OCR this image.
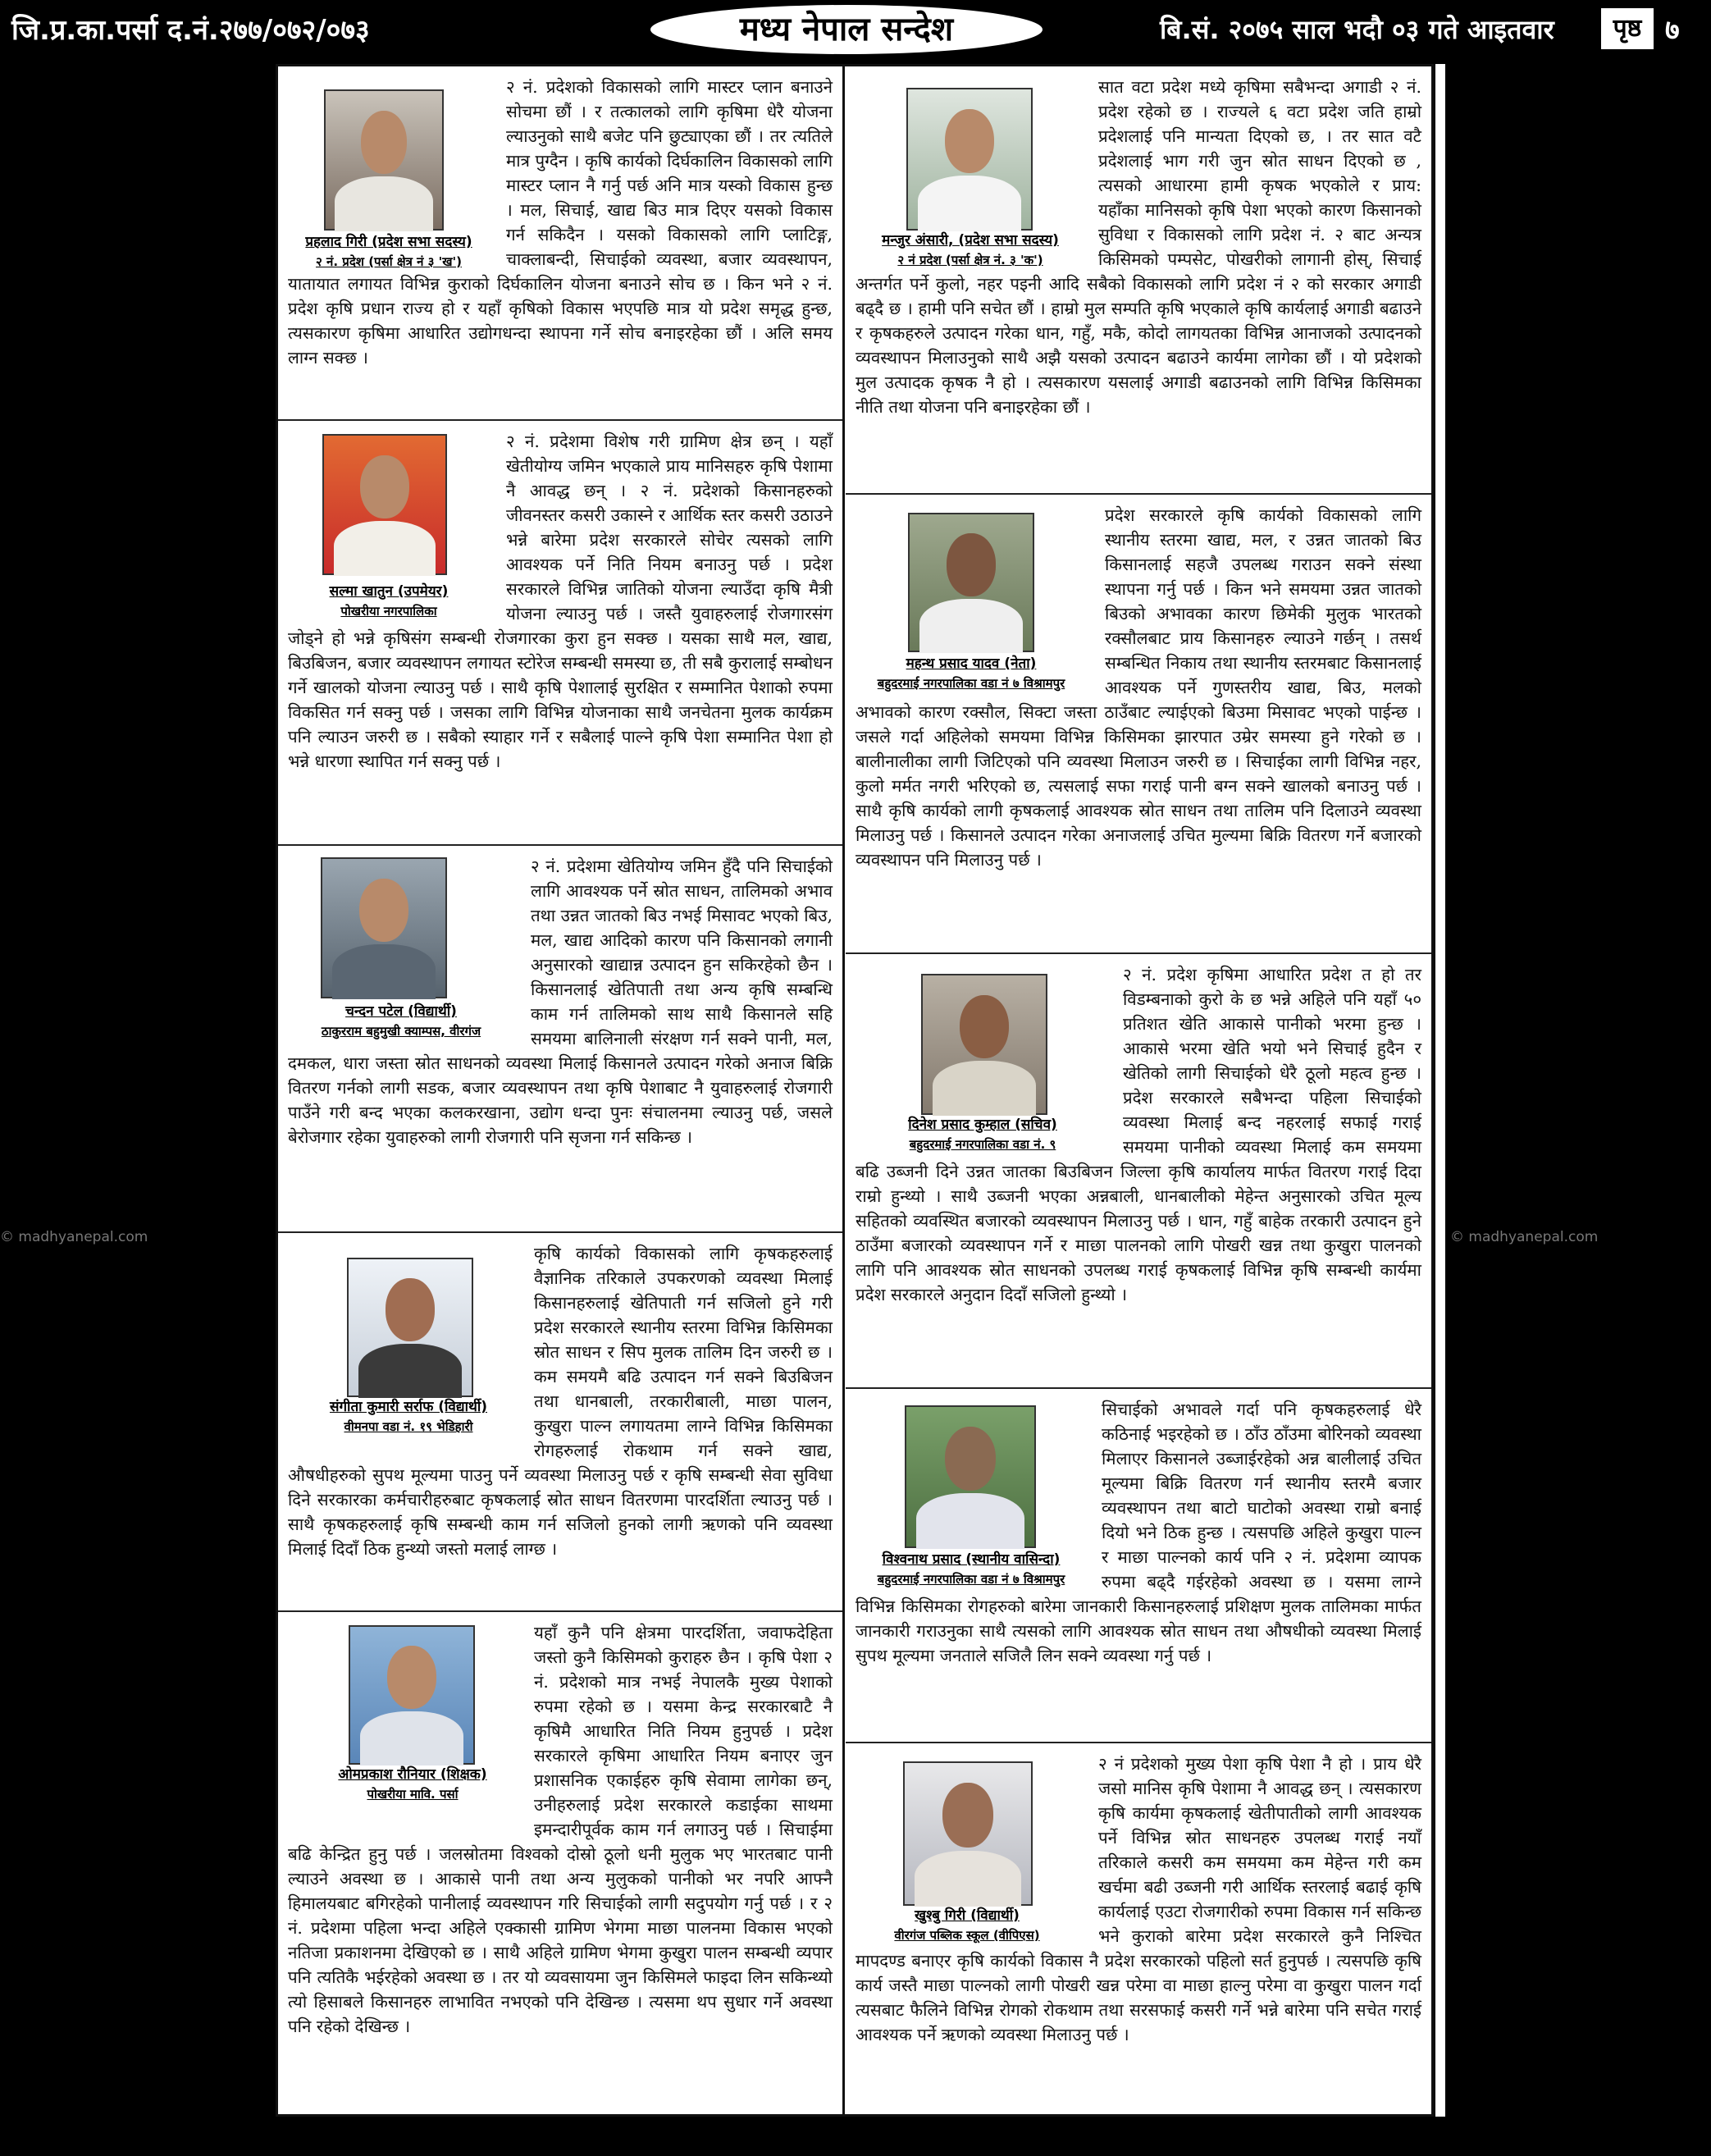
जि.प्र.का.पर्सा द.नं.२७७/०७२/०७३	मध्य नेपाल सन्देश	बि.सं. २०७५ साल भदौ ०३ गते आइतवार	पृष्ठ ७
© madhyanepal.com	© madhyanepal.com
प्रहलाद गिरी (प्रदेश सभा सदस्य)
२ नं. प्रदेश (पर्सा क्षेत्र नं ३ 'ख')

२ नं. प्रदेशको विकासको लागि मास्टर प्लान बनाउने सोचमा छौं । र तत्कालको लागि कृषिमा धेरै योजना ल्याउनुको साथै बजेट पनि छुट्याएका छौं । तर त्यतिले मात्र पुग्दैन । कृषि कार्यको दिर्घकालिन विकासको लागि मास्टर प्लान नै गर्नु पर्छ अनि मात्र यस्को विकास हुन्छ । मल, सिचाई, खाद्य बिउ मात्र दिएर यसको विकास गर्न सकिदैन । यसको विकासको लागि प्लाटिङ्ग, चाक्लाबन्दी, सिचाईको व्यवस्था, बजार व्यवस्थापन, यातायात लगायत विभिन्न कुराको दिर्घकालिन योजना बनाउने सोच छ । किन भने २ नं. प्रदेश कृषि प्रधान राज्य हो र यहाँ कृषिको विकास भएपछि मात्र यो प्रदेश समृद्ध हुन्छ, त्यसकारण कृषिमा आधारित उद्योगधन्दा स्थापना गर्ने सोच बनाइरहेका छौं । अलि समय लाग्न सक्छ ।

सल्मा खातुन (उपमेयर)
पोखरीया नगरपालिका

२ नं. प्रदेशमा विशेष गरी ग्रामिण क्षेत्र छन् । यहाँ खेतीयोग्य जमिन भएकाले प्राय मानिसहरु कृषि पेशामा नै आवद्ध छन् । २ नं. प्रदेशको किसानहरुको जीवनस्तर कसरी उकास्ने र आर्थिक स्तर कसरी उठाउने भन्ने बारेमा प्रदेश सरकारले सोचेर त्यसको लागि आवश्यक पर्ने निति नियम बनाउनु पर्छ । प्रदेश सरकारले विभिन्न जातिको योजना ल्याउँदा कृषि मैत्री योजना ल्याउनु पर्छ । जस्तै युवाहरुलाई रोजगारसंग जोड्ने हो भन्ने कृषिसंग सम्बन्धी रोजगारका कुरा हुन सक्छ । यसका साथै मल, खाद्य, बिउबिजन, बजार व्यवस्थापन लगायत स्टोरेज सम्बन्धी समस्या छ, ती सबै कुरालाई सम्बोधन गर्ने खालको योजना ल्याउनु पर्छ । साथै कृषि पेशालाई सुरक्षित र सम्मानित पेशाको रुपमा विकसित गर्न सक्नु पर्छ । जसका लागि विभिन्न योजनाका साथै जनचेतना मुलक कार्यक्रम पनि ल्याउन जरुरी छ । सबैको स्याहार गर्ने र सबैलाई पाल्ने कृषि पेशा सम्मानित पेशा हो भन्ने धारणा स्थापित गर्न सक्नु पर्छ ।

चन्दन पटेल (विद्यार्थी)
ठाकुरराम बहुमुखी क्याम्पस, वीरगंज

२ नं. प्रदेशमा खेतियोग्य जमिन हुँदै पनि सिचाईको लागि आवश्यक पर्ने स्रोत साधन, तालिमको अभाव तथा उन्नत जातको बिउ नभई मिसावट भएको बिउ, मल, खाद्य आदिको कारण पनि किसानको लगानी अनुसारको खाद्यान्न उत्पादन हुन सकिरहेको छैन । किसानलाई खेतिपाती तथा अन्य कृषि सम्बन्धि काम गर्न तालिमको साथ साथै किसानले सहि समयमा बालिनाली संरक्षण गर्न सक्ने पानी, मल, दमकल, धारा जस्ता स्रोत साधनको व्यवस्था मिलाई किसानले उत्पादन गरेको अनाज बिक्रि वितरण गर्नको लागी सडक, बजार व्यवस्थापन तथा कृषि पेशाबाट नै युवाहरुलाई रोजगारी पाउँने गरी बन्द भएका कलकरखाना, उद्योग धन्दा पुनः संचालनमा ल्याउनु पर्छ, जसले बेरोजगार रहेका युवाहरुको लागी रोजगारी पनि सृजना गर्न सकिन्छ ।

संगीता कुमारी सर्राफ (विद्यार्थी)
वीमनपा वडा नं. १९ भेडिहारी

कृषि कार्यको विकासको लागि कृषकहरुलाई वैज्ञानिक तरिकाले उपकरणको व्यवस्था मिलाई किसानहरुलाई खेतिपाती गर्न सजिलो हुने गरी प्रदेश सरकारले स्थानीय स्तरमा विभिन्न किसिमका स्रोत साधन र सिप मुलक तालिम दिन जरुरी छ । कम समयमै बढि उत्पादन गर्न सक्ने बिउबिजन तथा धानबाली, तरकारीबाली, माछा पालन, कुखुरा पाल्न लगायतमा लाग्ने विभिन्न किसिमका रोगहरुलाई रोकथाम गर्न सक्ने खाद्य, औषधीहरुको सुपथ मूल्यमा पाउनु पर्ने व्यवस्था मिलाउनु पर्छ र कृषि सम्बन्धी सेवा सुविधा दिने सरकारका कर्मचारीहरुबाट कृषकलाई स्रोत साधन वितरणमा पारदर्शिता ल्याउनु पर्छ । साथै कृषकहरुलाई कृषि सम्बन्धी काम गर्न सजिलो हुनको लागी ऋणको पनि व्यवस्था मिलाई दिदाँ ठिक हुन्थ्यो जस्तो मलाई लाग्छ ।

ओमप्रकाश रौनियार (शिक्षक)
पोखरीया मावि. पर्सा

यहाँ कुनै पनि क्षेत्रमा पारदर्शिता, जवाफदेहिता जस्तो कुनै किसिमको कुराहरु छैन । कृषि पेशा २ नं. प्रदेशको मात्र नभई नेपालकै मुख्य पेशाको रुपमा रहेको छ । यसमा केन्द्र सरकारबाटै नै कृषिमै आधारित निति नियम हुनुपर्छ । प्रदेश सरकारले कृषिमा आधारित नियम बनाएर जुन प्रशासनिक एकाईहरु कृषि सेवामा लागेका छन्, उनीहरुलाई प्रदेश सरकारले कडाईका साथमा इमन्दारीपूर्वक काम गर्न लगाउनु पर्छ । सिचाईमा बढि केन्द्रित हुनु पर्छ । जलस्रोतमा विश्वको दोस्रो ठूलो धनी मुलुक भए भारतबाट पानी ल्याउने अवस्था छ । आकासे पानी तथा अन्य मुलुकको पानीको भर नपरि आफ्नै हिमालयबाट बगिरहेको पानीलाई व्यवस्थापन गरि सिचाईको लागी सदुपयोग गर्नु पर्छ । र २ नं. प्रदेशमा पहिला भन्दा अहिले एक्कासी ग्रामिण भेगमा माछा पालनमा विकास भएको नतिजा प्रकाशनमा देखिएको छ । साथै अहिले ग्रामिण भेगमा कुखुरा पालन सम्बन्धी व्यपार पनि त्यतिकै भईरहेको अवस्था छ । तर यो व्यवसायमा जुन किसिमले फाइदा लिन सकिन्थ्यो त्यो हिसाबले किसानहरु लाभावित नभएको पनि देखिन्छ । त्यसमा थप सुधार गर्ने अवस्था पनि रहेको देखिन्छ ।

मन्जुर अंसारी, (प्रदेश सभा सदस्य)
२ नं प्रदेश (पर्सा क्षेत्र नं. ३ 'क')

सात वटा प्रदेश मध्ये कृषिमा सबैभन्दा अगाडी २ नं. प्रदेश रहेको छ । राज्यले ६ वटा प्रदेश जति हाम्रो प्रदेशलाई पनि मान्यता दिएको छ, । तर सात वटै प्रदेशलाई भाग गरी जुन स्रोत साधन दिएको छ , त्यसको आधारमा हामी कृषक भएकोले र प्राय: यहाँका मानिसको कृषि पेशा भएको कारण किसानको सुविधा र विकासको लागि प्रदेश नं. २ बाट अन्यत्र किसिमको पम्पसेट, पोखरीको लागानी होस्, सिचाई अन्तर्गत पर्ने कुलो, नहर पइनी आदि सबैको विकासको लागि प्रदेश नं २ को सरकार अगाडी बढ्दै छ । हामी पनि सचेत छौं । हाम्रो मुल सम्पति कृषि भएकाले कृषि कार्यलाई अगाडी बढाउने र कृषकहरुले उत्पादन गरेका धान, गहुँ, मकै, कोदो लागयतका विभिन्न आनाजको उत्पादनको व्यवस्थापन मिलाउनुको साथै अझै यसको उत्पादन बढाउने कार्यमा लागेका छौं । यो प्रदेशको मुल उत्पादक कृषक नै हो । त्यसकारण यसलाई अगाडी बढाउनको लागि विभिन्न किसिमका नीति तथा योजना पनि बनाइरहेका छौं ।

महन्थ प्रसाद यादव (नेता)
बहुदरमाई नगरपालिका वडा नं ७ विश्रामपुर

प्रदेश सरकारले कृषि कार्यको विकासको लागि स्थानीय स्तरमा खाद्य, मल, र उन्नत जातको बिउ किसानलाई सहजै उपलब्ध गराउन सक्ने संस्था स्थापना गर्नु पर्छ । किन भने समयमा उन्नत जातको बिउको अभावका कारण छिमेकी मुलुक भारतको रक्सौलबाट प्राय किसानहरु ल्याउने गर्छन् । तसर्थ सम्बन्धित निकाय तथा स्थानीय स्तरमबाट किसानलाई आवश्यक पर्ने गुणस्तरीय खाद्य, बिउ, मलको अभावको कारण रक्सौल, सिक्टा जस्ता ठाउँबाट ल्याईएको बिउमा मिसावट भएको पाईन्छ । जसले गर्दा अहिलेको समयमा विभिन्न किसिमका झारपात उम्रेर समस्या हुने गरेको छ । बालीनालीका लागी जिटिएको पनि व्यवस्था मिलाउन जरुरी छ । सिचाईका लागी विभिन्न नहर, कुलो मर्मत नगरी भरिएको छ, त्यसलाई सफा गराई पानी बग्न सक्ने खालको बनाउनु पर्छ । साथै कृषि कार्यको लागी कृषकलाई आवश्यक स्रोत साधन तथा तालिम पनि दिलाउने व्यवस्था मिलाउनु पर्छ । किसानले उत्पादन गरेका अनाजलाई उचित मुल्यमा बिक्रि वितरण गर्ने बजारको व्यवस्थापन पनि मिलाउनु पर्छ ।

दिनेश प्रसाद कुम्हाल (सचिव)
बहुदरमाई नगरपालिका वडा नं. ९

२ नं. प्रदेश कृषिमा आधारित प्रदेश त हो तर विडम्बनाको कुरो के छ भन्ने अहिले पनि यहाँ ५० प्रतिशत खेति आकासे पानीको भरमा हुन्छ । आकासे भरमा खेति भयो भने सिचाई हुदैन र खेतिको लागी सिचाईको धेरै ठूलो महत्व हुन्छ । प्रदेश सरकारले सबैभन्दा पहिला सिचाईको व्यवस्था मिलाई बन्द नहरलाई सफाई गराई समयमा पानीको व्यवस्था मिलाई कम समयमा बढि उब्जनी दिने उन्नत जातका बिउबिजन जिल्ला कृषि कार्यालय मार्फत वितरण गराई दिदा राम्रो हुन्थ्यो । साथै उब्जनी भएका अन्नबाली, धानबालीको मेहेन्त अनुसारको उचित मूल्य सहितको व्यवस्थित बजारको व्यवस्थापन मिलाउनु पर्छ । धान, गहुँ बाहेक तरकारी उत्पादन हुने ठाउँमा बजारको व्यवस्थापन गर्ने र माछा पालनको लागि पोखरी खन्न तथा कुखुरा पालनको लागि पनि आवश्यक स्रोत साधनको उपलब्ध गराई कृषकलाई विभिन्न कृषि सम्बन्धी कार्यमा प्रदेश सरकारले अनुदान दिदाँ सजिलो हुन्थ्यो ।

विश्वनाथ प्रसाद (स्थानीय वासिन्दा)
बहुदरमाई नगरपालिका वडा नं ७ विश्रामपुर

सिचाईको अभावले गर्दा पनि कृषकहरुलाई धेरै कठिनाई भइरहेको छ । ठाँउ ठाँउमा बोरिनको व्यवस्था मिलाएर किसानले उब्जाईरहेको अन्न बालीलाई उचित मूल्यमा बिक्रि वितरण गर्न स्थानीय स्तरमै बजार व्यवस्थापन तथा बाटो घाटोको अवस्था राम्रो बनाई दियो भने ठिक हुन्छ । त्यसपछि अहिले कुखुरा पाल्न र माछा पाल्नको कार्य पनि २ नं. प्रदेशमा व्यापक रुपमा बढ्दै गईरहेको अवस्था छ । यसमा लाग्ने विभिन्न किसिमका रोगहरुको बारेमा जानकारी किसानहरुलाई प्रशिक्षण मुलक तालिमका मार्फत जानकारी गराउनुका साथै त्यसको लागि आवश्यक स्रोत साधन तथा औषधीको व्यवस्था मिलाई सुपथ मूल्यमा जनताले सजिलै लिन सक्ने व्यवस्था गर्नु पर्छ ।

खुश्बु गिरी (विद्यार्थी)
वीरगंज पब्लिक स्कूल (वीपिएस)

२ नं प्रदेशको मुख्य पेशा कृषि पेशा नै हो । प्राय धेरै जसो मानिस कृषि पेशामा नै आवद्ध छन् । त्यसकारण कृषि कार्यमा कृषकलाई खेतीपातीको लागी आवश्यक पर्ने विभिन्न स्रोत साधनहरु उपलब्ध गराई नयाँ तरिकाले कसरी कम समयमा कम मेहेन्त गरी कम खर्चमा बढी उब्जनी गरी आर्थिक स्तरलाई बढाई कृषि कार्यलाई एउटा रोजगारीको रुपमा विकास गर्न सकिन्छ भने कुराको बारेमा प्रदेश सरकारले कुनै निश्चित मापदण्ड बनाएर कृषि कार्यको विकास नै प्रदेश सरकारको पहिलो सर्त हुनुपर्छ । त्यसपछि कृषि कार्य जस्तै माछा पाल्नको लागी पोखरी खन्न परेमा वा माछा हाल्नु परेमा वा कुखुरा पालन गर्दा त्यसबाट फैलिने विभिन्न रोगको रोकथाम तथा सरसफाई कसरी गर्ने भन्ने बारेमा पनि सचेत गराई आवश्यक पर्ने ऋणको व्यवस्था मिलाउनु पर्छ ।
